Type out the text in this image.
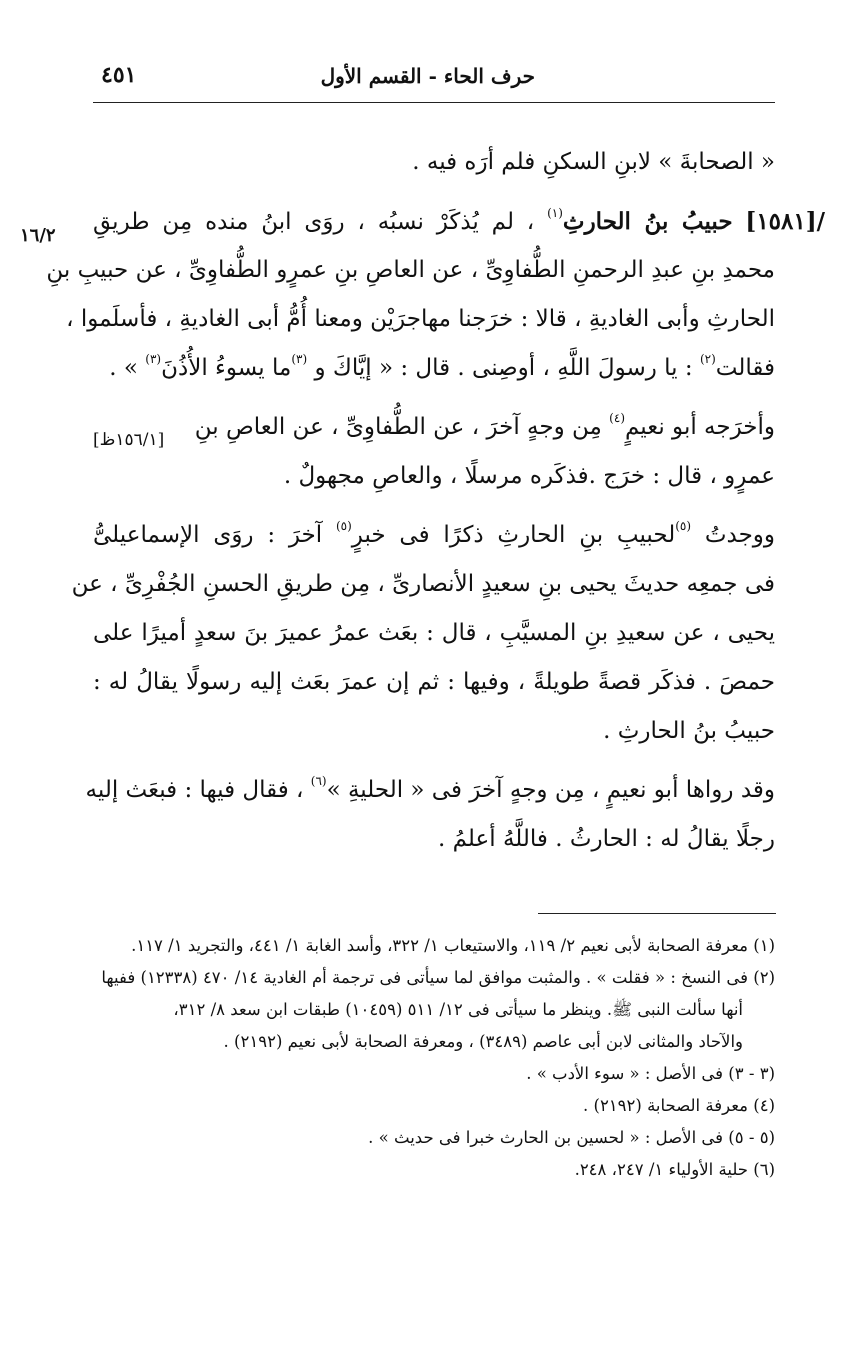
٤٥١	حرف الحاء - القسم الأول
١٦/٢
[١٥٦/١ظ]
« الصحابةَ » لابنِ السكنِ فلم أرَه فيه .
/[١٥٨١] حبيبُ بنُ الحارثِ$^{(١)}$ ، لم يُذكَرْ نسبُه ، روَى ابنُ منده مِن طريقِ
محمدِ بنِ عبدِ الرحمنِ الطُّفاوِىِّ ، عن العاصِ بنِ عمرٍو الطُّفاوِىِّ ، عن حبيبِ بنِ
الحارثِ وأبى الغاديةِ ، قالا : خرَجنا مهاجرَيْن ومعنا أُمُّ أبى الغاديةِ ، فأسلَموا ،
فقالت$^{(٢)}$ : يا رسولَ اللَّهِ ، أوصِنى . قال : « إيَّاكَ و $^{(٣)}$ما يسوءُ الأُذُنَ$^{(٣)}$ » .
وأخرَجه أبو نعيمٍ$^{(٤)}$ مِن وجهٍ آخرَ ، عن الطُّفاوِىِّ ، عن العاصِ بنِ
عمرٍو ، قال : خرَج .فذكَره مرسلًا ، والعاصِ مجهولٌ .
ووجدتُ $^{(٥)}$لحبيبِ بنِ الحارثِ ذكرًا فى خبرٍ$^{(٥)}$ آخرَ : روَى الإسماعيلىُّ
فى جمعِه حديثَ يحيى بنِ سعيدٍ الأنصارىِّ ، مِن طريقِ الحسنِ الجُفْرِىِّ ، عن
يحيى ، عن سعيدِ بنِ المسيَّبِ ، قال : بعَث عمرُ عميرَ بنَ سعدٍ أميرًا على
حمصَ . فذكَر قصةً طويلةً ، وفيها : ثم إن عمرَ بعَث إليه رسولًا يقالُ له :
حبيبُ بنُ الحارثِ .
وقد رواها أبو نعيمٍ ، مِن وجهٍ آخرَ فى « الحليةِ »$^{(٦)}$ ، فقال فيها : فبعَث إليه
رجلًا يقالُ له : الحارثُ . فاللَّهُ أعلمُ .
(١) معرفة الصحابة لأبى نعيم ٢/ ١١٩، والاستيعاب ١/ ٣٢٢، وأسد الغابة ١/ ٤٤١، والتجريد ١/ ١١٧.
(٢) فى النسخ : « فقلت » . والمثبت موافق لما سيأتى فى ترجمة أم الغادية ١٤/ ٤٧٠ (١٢٣٣٨) ففيها
أنها سألت النبى ﷺ. وينظر ما سيأتى فى ١٢/ ٥١١ (١٠٤٥٩) طبقات ابن سعد ٨/ ٣١٢،
والآحاد والمثانى لابن أبى عاصم (٣٤٨٩) ، ومعرفة الصحابة لأبى نعيم (٢١٩٢) .
(٣ - ٣) فى الأصل : « سوء الأدب » .
(٤) معرفة الصحابة (٢١٩٢) .
(٥ - ٥) فى الأصل : « لحسين بن الحارث خبرا فى حديث » .
(٦) حلية الأولياء ١/ ٢٤٧، ٢٤٨.
